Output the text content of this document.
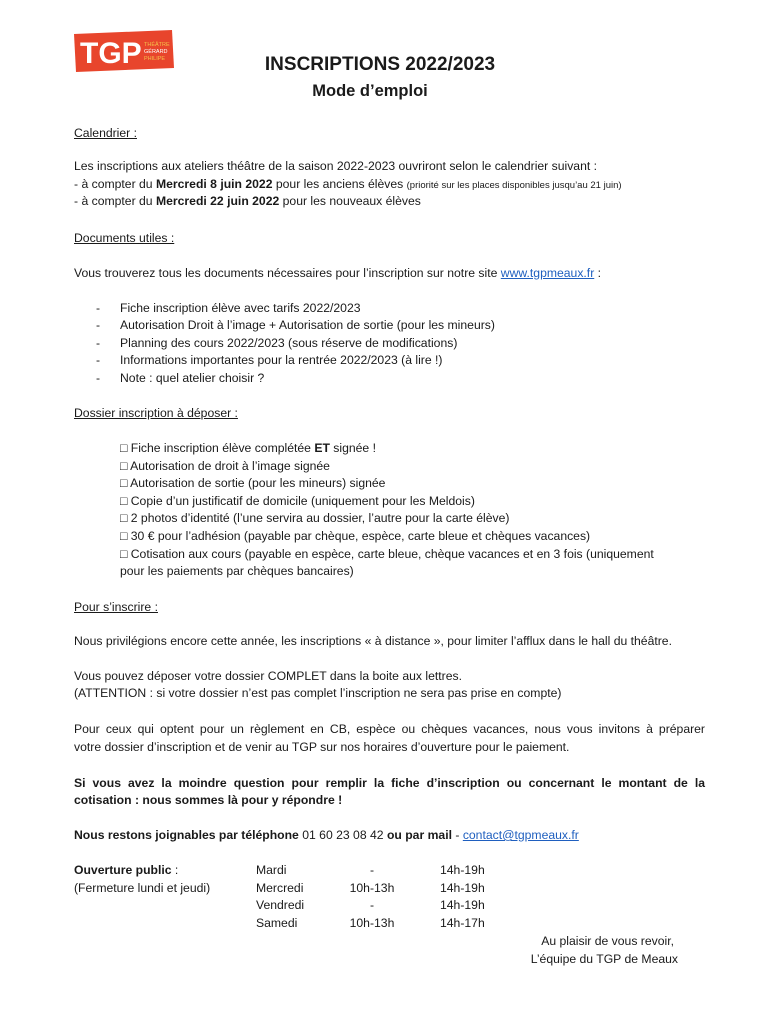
TGP THÉÂTRE
GÉRARD
PHILIPE	INSCRIPTIONS 2022/2023
Mode d’emploi
Calendrier :
Les inscriptions aux ateliers théâtre de la saison 2022-2023 ouvriront selon le calendrier suivant :
- à compter du Mercredi 8 juin 2022 pour les anciens élèves (priorité sur les places disponibles jusqu’au 21 juin)
- à compter du Mercredi 22 juin 2022 pour les nouveaux élèves
Documents utiles :
Vous trouverez tous les documents nécessaires pour l’inscription sur notre site www.tgpmeaux.fr :
- Fiche inscription élève avec tarifs 2022/2023
- Autorisation Droit à l’image + Autorisation de sortie (pour les mineurs)
- Planning des cours 2022/2023 (sous réserve de modifications)
- Informations importantes pour la rentrée 2022/2023 (à lire !)
- Note : quel atelier choisir ?
Dossier inscription à déposer :
□ Fiche inscription élève complétée ET signée !
□ Autorisation de droit à l’image signée
□ Autorisation de sortie (pour les mineurs) signée
□ Copie d’un justificatif de domicile (uniquement pour les Meldois)
□ 2 photos d’identité (l’une servira au dossier, l’autre pour la carte élève)
□ 30 € pour l’adhésion (payable par chèque, espèce, carte bleue et chèques vacances)
□ Cotisation aux cours (payable en espèce, carte bleue, chèque vacances et en 3 fois (uniquement
pour les paiements par chèques bancaires)
Pour s’inscrire :
Nous privilégions encore cette année, les inscriptions « à distance », pour limiter l’afflux dans le hall du théâtre.
Vous pouvez déposer votre dossier COMPLET dans la boite aux lettres.
(ATTENTION : si votre dossier n’est pas complet l’inscription ne sera pas prise en compte)
Pour ceux qui optent pour un règlement en CB, espèce ou chèques vacances, nous vous invitons à préparer
votre dossier d’inscription et de venir au TGP sur nos horaires d’ouverture pour le paiement.
Si vous avez la moindre question pour remplir la fiche d’inscription ou concernant le montant de la
cotisation : nous sommes là pour y répondre !
Nous restons joignables par téléphone 01 60 23 08 42 ou par mail - contact@tgpmeaux.fr
Ouverture public :
(Fermeture lundi et jeudi)
Mardi	-	14h-19h
Mercredi	10h-13h	14h-19h
Vendredi	-	14h-19h
Samedi	10h-13h	14h-17h
Au plaisir de vous revoir,
L’équipe du TGP de Meaux
